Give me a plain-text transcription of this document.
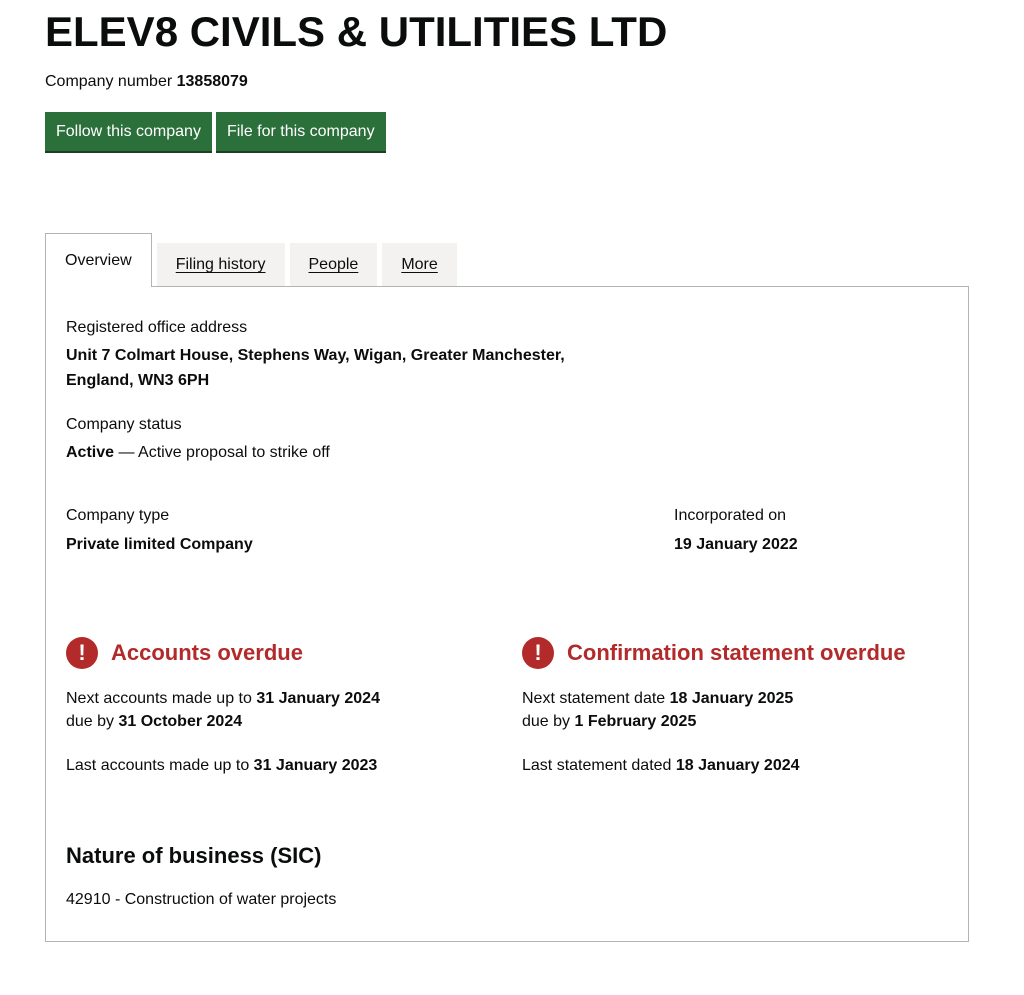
ELEV8 CIVILS & UTILITIES LTD
Company number 13858079
Follow this company	File for this company
Overview	Filing history	People	More
Registered office address
Unit 7 Colmart House, Stephens Way, Wigan, Greater Manchester,
England, WN3 6PH
Company status
Active — Active proposal to strike off
Company type
Private limited Company
Incorporated on
19 January 2022
!	Accounts overdue
Next accounts made up to 31 January 2024
due by 31 October 2024
Last accounts made up to 31 January 2023
!	Confirmation statement overdue
Next statement date 18 January 2025
due by 1 February 2025
Last statement dated 18 January 2024
Nature of business (SIC)
42910 - Construction of water projects
